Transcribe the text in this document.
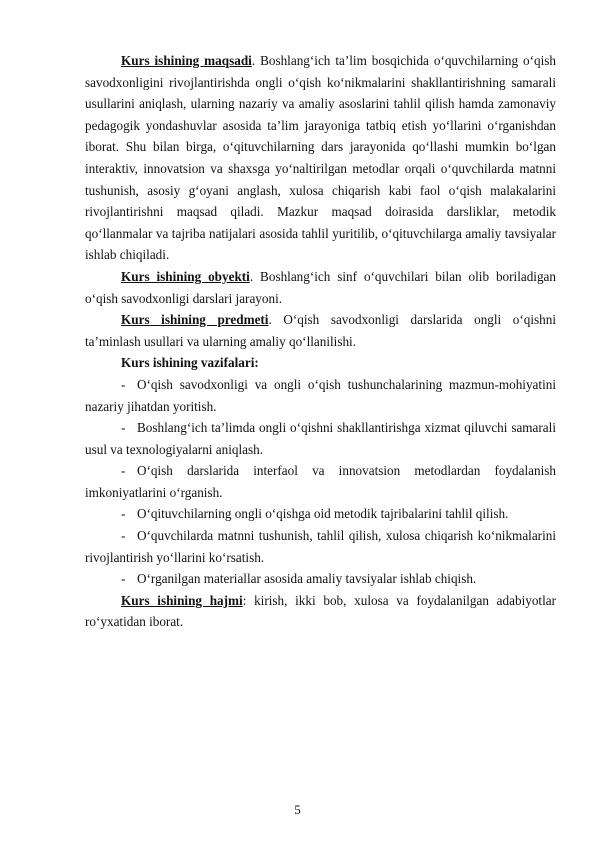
Kurs ishining maqsadi. Boshlang‘ich ta’lim bosqichida o‘quvchilarning o‘qish savodxonligini rivojlantirishda ongli o‘qish ko‘nikmalarini shakllantirishning samarali usullarini aniqlash, ularning nazariy va amaliy asoslarini tahlil qilish hamda zamonaviy pedagogik yondashuvlar asosida ta’lim jarayoniga tatbiq etish yo‘llarini o‘rganishdan iborat. Shu bilan birga, o‘qituvchilarning dars jarayonida qo‘llashi mumkin bo‘lgan interaktiv, innovatsion va shaxsga yo‘naltirilgan metodlar orqali o‘quvchilarda matnni tushunish, asosiy g‘oyani anglash, xulosa chiqarish kabi faol o‘qish malakalarini rivojlantirishni maqsad qiladi. Mazkur maqsad doirasida darsliklar, metodik qo‘llanmalar va tajriba natijalari asosida tahlil yuritilib, o‘qituvchilarga amaliy tavsiyalar ishlab chiqiladi.

Kurs ishining obyekti. Boshlang‘ich sinf o‘quvchilari bilan olib boriladigan o‘qish savodxonligi darslari jarayoni.

Kurs ishining predmeti. O‘qish savodxonligi darslarida ongli o‘qishni ta’minlash usullari va ularning amaliy qo‘llanilishi.

Kurs ishining vazifalari:

- O‘qish savodxonligi va ongli o‘qish tushunchalarining mazmun-mohiyatini nazariy jihatdan yoritish.

- Boshlang‘ich ta’limda ongli o‘qishni shakllantirishga xizmat qiluvchi samarali usul va texnologiyalarni aniqlash.

- O‘qish darslarida interfaol va innovatsion metodlardan foydalanish imkoniyatlarini o‘rganish.

- O‘qituvchilarning ongli o‘qishga oid metodik tajribalarini tahlil qilish.

- O‘quvchilarda matnni tushunish, tahlil qilish, xulosa chiqarish ko‘nikmalarini rivojlantirish yo‘llarini ko‘rsatish.

- O‘rganilgan materiallar asosida amaliy tavsiyalar ishlab chiqish.

Kurs ishining hajmi: kirish, ikki bob, xulosa va foydalanilgan adabiyotlar ro‘yxatidan iborat.

5
